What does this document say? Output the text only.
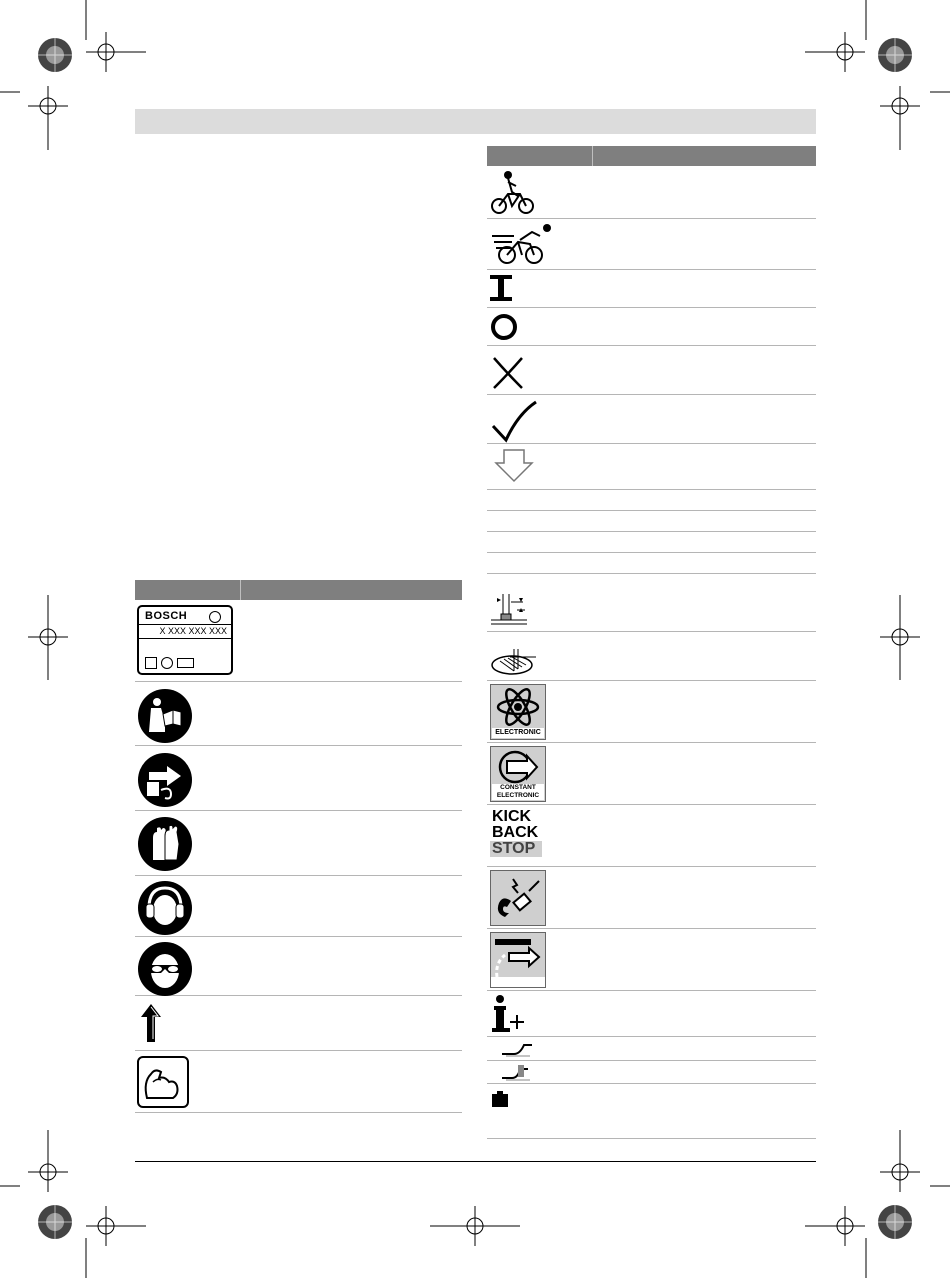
ELECTRONIC
CONSTANT
ELECTRONIC
KICK
BACK
STOP
BOSCH
X XXX XXX XXX
